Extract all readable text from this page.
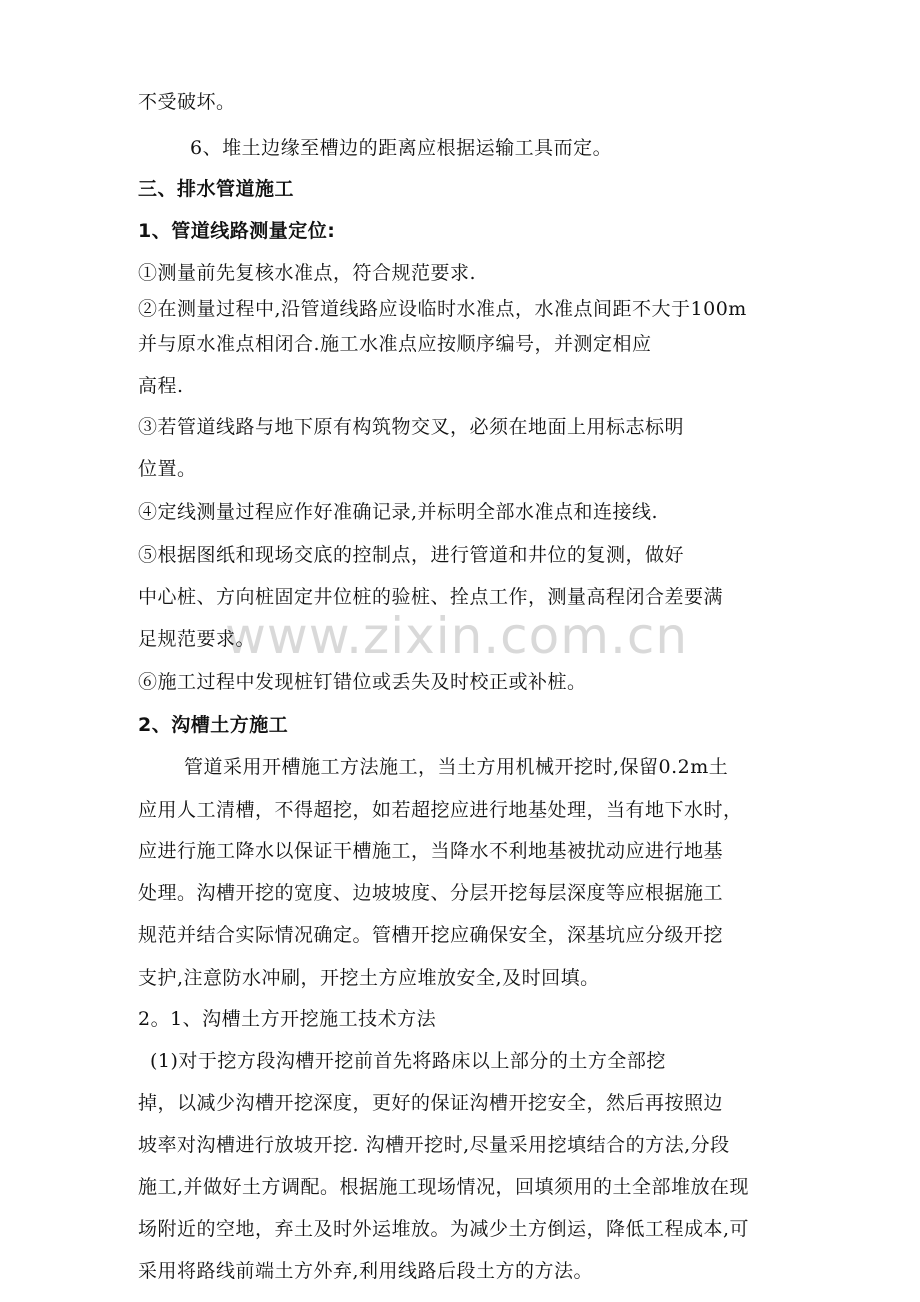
www.zixin.com.cn
不受破坏。
6、堆土边缘至槽边的距离应根据运输工具而定。
三、排水管道施工
1、管道线路测量定位:
①测量前先复核水准点，符合规范要求.
②在测量过程中,沿管道线路应设临时水准点，水准点间距不大于100m
并与原水准点相闭合.施工水准点应按顺序编号，并测定相应
高程.
③若管道线路与地下原有构筑物交叉，必须在地面上用标志标明
位置。
④定线测量过程应作好准确记录,并标明全部水准点和连接线.
⑤根据图纸和现场交底的控制点，进行管道和井位的复测，做好
中心桩、方向桩固定井位桩的验桩、拴点工作，测量高程闭合差要满
足规范要求。
⑥施工过程中发现桩钉错位或丢失及时校正或补桩。
2、沟槽土方施工
管道采用开槽施工方法施工，当土方用机械开挖时,保留0.2m土
应用人工清槽，不得超挖，如若超挖应进行地基处理，当有地下水时，
应进行施工降水以保证干槽施工，当降水不利地基被扰动应进行地基
处理。沟槽开挖的宽度、边坡坡度、分层开挖每层深度等应根据施工
规范并结合实际情况确定。管槽开挖应确保安全，深基坑应分级开挖
支护,注意防水冲刷，开挖土方应堆放安全,及时回填。
2。1、沟槽土方开挖施工技术方法
(1)对于挖方段沟槽开挖前首先将路床以上部分的土方全部挖
掉，以减少沟槽开挖深度，更好的保证沟槽开挖安全，然后再按照边
坡率对沟槽进行放坡开挖. 沟槽开挖时,尽量采用挖填结合的方法,分段
施工,并做好土方调配。根据施工现场情况，回填须用的土全部堆放在现
场附近的空地，弃土及时外运堆放。为减少土方倒运，降低工程成本,可
采用将路线前端土方外弃,利用线路后段土方的方法。
